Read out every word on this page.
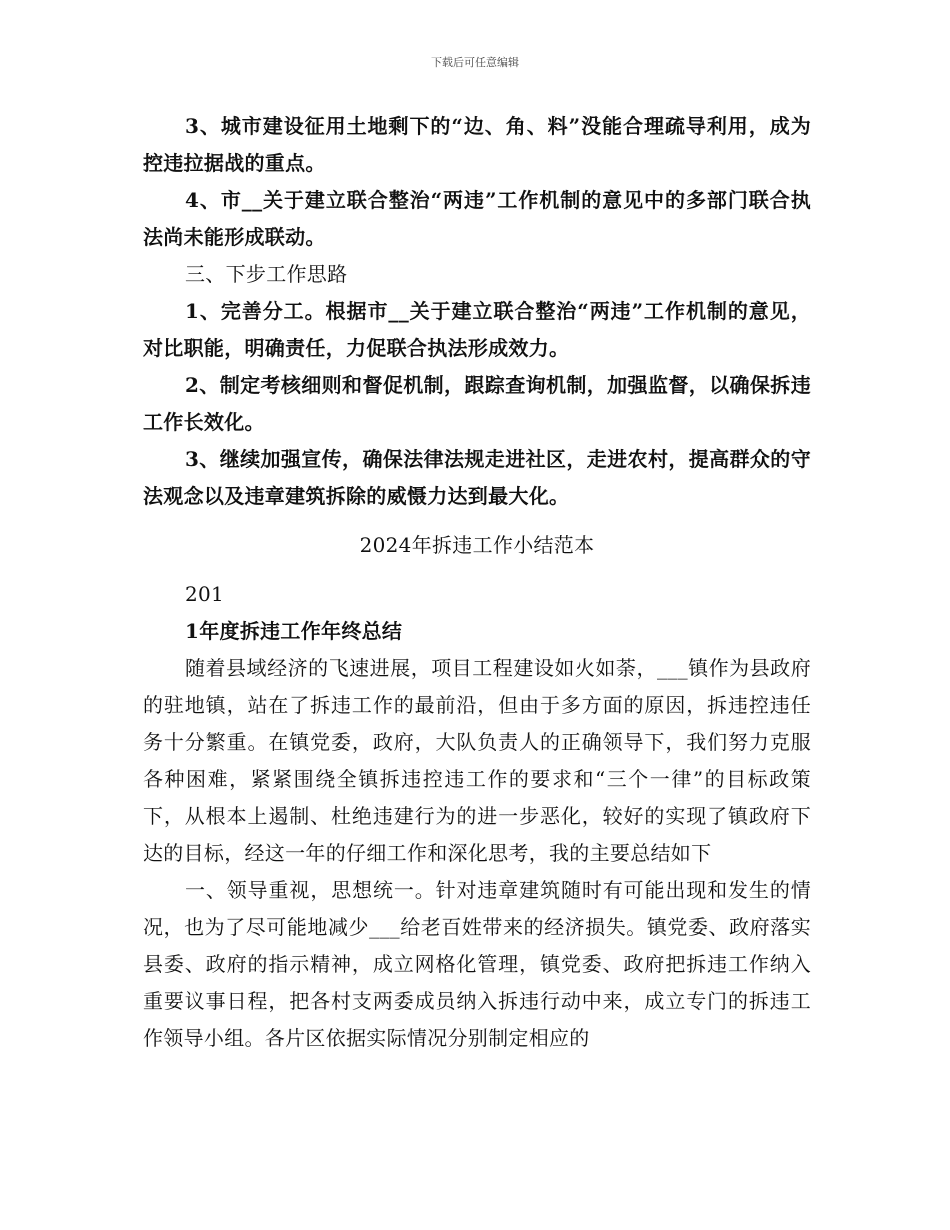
下载后可任意编辑

3、城市建设征用土地剩下的“边、角、料”没能合理疏导利用，成为控违拉据战的重点。

4、市__关于建立联合整治“两违”工作机制的意见中的多部门联合执法尚未能形成联动。

三、下步工作思路

1、完善分工。根据市__关于建立联合整治“两违”工作机制的意见，对比职能，明确责任，力促联合执法形成效力。

2、制定考核细则和督促机制，跟踪查询机制，加强监督，以确保拆违工作长效化。

3、继续加强宣传，确保法律法规走进社区，走进农村，提高群众的守法观念以及违章建筑拆除的威慑力达到最大化。

2024年拆违工作小结范本

201

1年度拆违工作年终总结

随着县域经济的飞速进展，项目工程建设如火如荼，___镇作为县政府的驻地镇，站在了拆违工作的最前沿，但由于多方面的原因，拆违控违任务十分繁重。在镇党委，政府，大队负责人的正确领导下，我们努力克服各种困难，紧紧围绕全镇拆违控违工作的要求和“三个一律”的目标政策下，从根本上遏制、杜绝违建行为的进一步恶化，较好的实现了镇政府下达的目标，经这一年的仔细工作和深化思考，我的主要总结如下

一、领导重视，思想统一。针对违章建筑随时有可能出现和发生的情况，也为了尽可能地减少___给老百姓带来的经济损失。镇党委、政府落实县委、政府的指示精神，成立网格化管理，镇党委、政府把拆违工作纳入重要议事日程，把各村支两委成员纳入拆违行动中来，成立专门的拆违工作领导小组。各片区依据实际情况分别制定相应的
